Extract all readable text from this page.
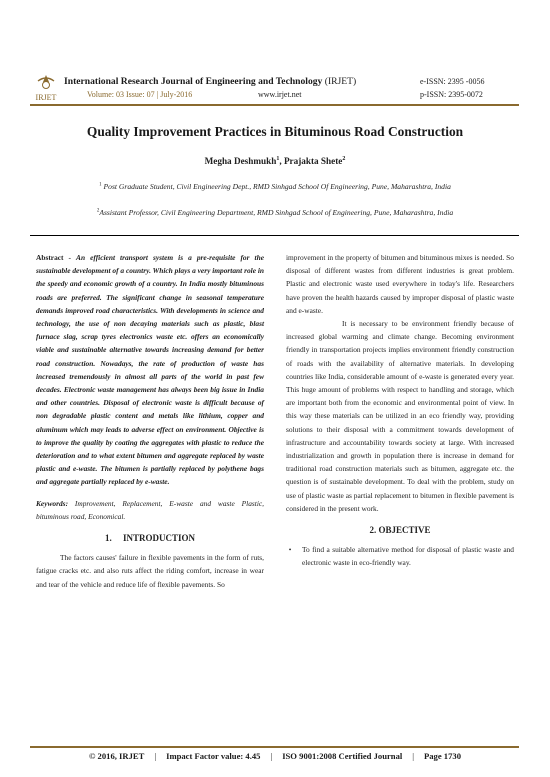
IRJET
International Research Journal of Engineering and Technology (IRJET)	e-ISSN: 2395 -0056
Volume: 03 Issue: 07 | July-2016	www.irjet.net	p-ISSN: 2395-0072
Quality Improvement Practices in Bituminous Road Construction
Megha Deshmukh$^1$, Prajakta Shete$^2$
$^1$ Post Graduate Student, Civil Engineering Dept., RMD Sinhgad School Of Engineering, Pune, Maharashtra, India
$^2$Assistant Professor, Civil Engineering Department, RMD Sinhgad School of Engineering, Pune, Maharashtra, India

Abstract - An efficient transport system is a pre-requisite for the sustainable development of a country. Which plays a very important role in the speedy and economic growth of a country. In India mostly bituminous roads are preferred. The significant change in seasonal temperature demands improved road characteristics. With developments in science and technology, the use of non decaying materials such as plastic, blast furnace slag, scrap tyres electronics waste etc. offers an economically viable and sustainable alternative towards increasing demand for better road construction. Nowadays, the rate of production of waste has increased tremendously in almost all parts of the world in past few decades. Electronic waste management has always been big issue in India and other countries. Disposal of electronic waste is difficult because of non degradable plastic content and metals like lithium, copper and aluminum which may leads to adverse effect on environment. Objective is to improve the quality by coating the aggregates with plastic to reduce the deterioration and to what extent bitumen and aggregate replaced by waste plastic and e-waste. The bitumen is partially replaced by polythene bags and aggregate partially replaced by e-waste.

Keywords: Improvement, Replacement, E-waste and waste Plastic, bituminous road, Economical.

1.     INTRODUCTION

The factors causes' failure in flexible pavements in the form of ruts, fatigue cracks etc. and also ruts affect the riding comfort, increase in wear and tear of the vehicle and reduce life of flexible pavements. So

improvement in the property of bitumen and bituminous mixes is needed. So disposal of different wastes from different industries is great problem. Plastic and electronic waste used everywhere in today's life. Researchers have proven the health hazards caused by improper disposal of plastic waste and e-waste.

It is necessary to be environment friendly because of increased global warming and climate change. Becoming environment friendly in transportation projects implies environment friendly construction of roads with the availability of alternative materials. In developing countries like India, considerable amount of e-waste is generated every year. This huge amount of problems with respect to handling and storage, which are important both from the economic and environmental point of view. In this way these materials can be utilized in an eco friendly way, providing solutions to their disposal with a commitment towards development of infrastructure and accountability towards society at large. With increased industrialization and growth in population there is increase in demand for traditional road construction materials such as bitumen, aggregate etc. the question is of sustainable development. To deal with the problem, study on use of plastic waste as partial replacement to bitumen in flexible pavement is considered in the present work.

2. OBJECTIVE
•	To find a suitable alternative method for disposal of plastic waste and electronic waste in eco-friendly way.
© 2016, IRJET | Impact Factor value: 4.45 | ISO 9001:2008 Certified Journal | Page 1730
